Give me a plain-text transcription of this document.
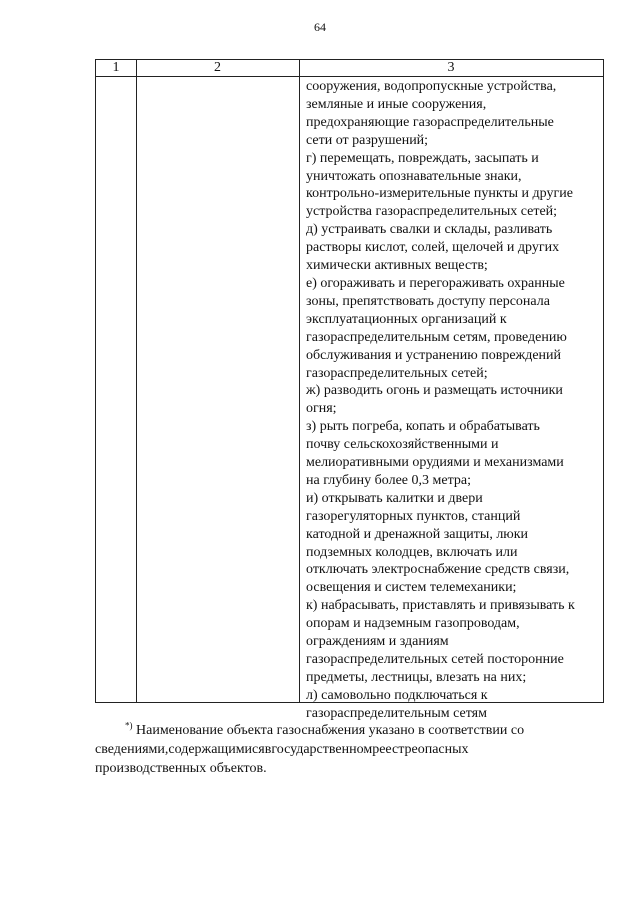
64
1	2	3
сооружения, водопропускные устройства,
земляные и иные сооружения,
предохраняющие газораспределительные
сети от разрушений;
г) перемещать, повреждать, засыпать и
уничтожать опознавательные знаки,
контрольно-измерительные пункты и другие
устройства газораспределительных сетей;
д) устраивать свалки и склады, разливать
растворы кислот, солей, щелочей и других
химически активных веществ;
е) огораживать и перегораживать охранные
зоны, препятствовать доступу персонала
эксплуатационных организаций к
газораспределительным сетям, проведению
обслуживания и устранению повреждений
газораспределительных сетей;
ж) разводить огонь и размещать источники
огня;
з) рыть погреба, копать и обрабатывать
почву сельскохозяйственными и
мелиоративными орудиями и механизмами
на глубину более 0,3 метра;
и) открывать калитки и двери
газорегуляторных пунктов, станций
катодной и дренажной защиты, люки
подземных колодцев, включать или
отключать электроснабжение средств связи,
освещения и систем телемеханики;
к) набрасывать, приставлять и привязывать к
опорам и надземным газопроводам,
ограждениям и зданиям
газораспределительных сетей посторонние
предметы, лестницы, влезать на них;
л) самовольно подключаться к
газораспределительным сетям
*) Наименование объекта газоснабжения указано в соответствии со
сведениями,содержащимисявгосударственномреестреопасных
производственных объектов.
